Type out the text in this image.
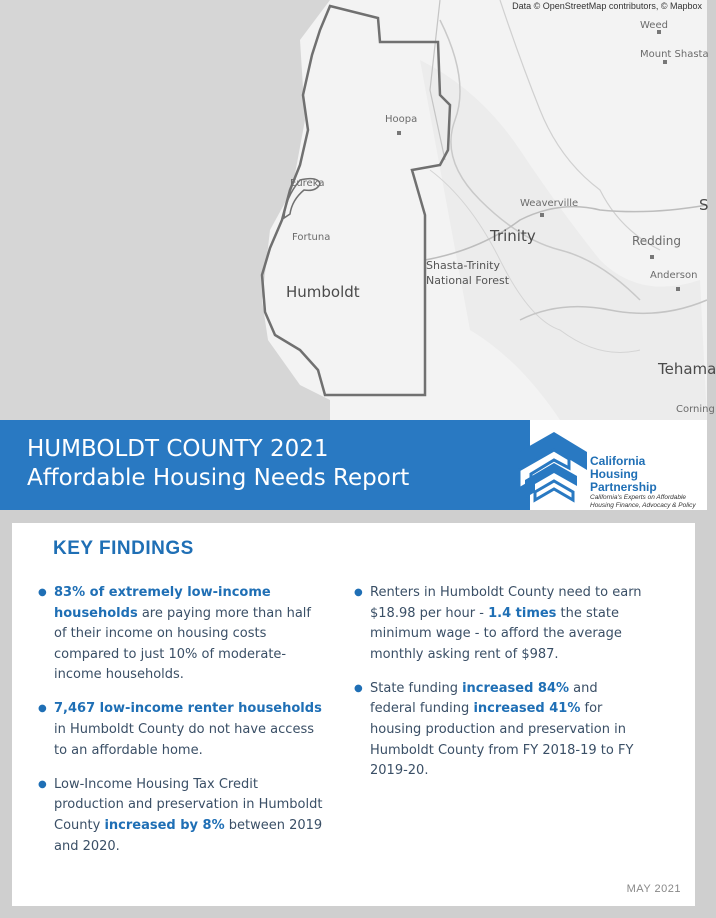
Data © OpenStreetMap contributors, © Mapbox
Weed
Mount Shasta
Hoopa
Eureka
Weaverville
Trinity	Redding
Fortuna
Shasta-Trinity
National Forest	Anderson
Humboldt
Tehama
Corning
S
HUMBOLDT COUNTY 2021
Affordable Housing Needs Report
California
Housing
Partnership
California's Experts on Affordable
Housing Finance, Advocacy & Policy
KEY FINDINGS
● 83% of extremely low-income households are paying more than half of their income on housing costs compared to just 10% of moderate-income households.
● 7,467 low-income renter households in Humboldt County do not have access to an affordable home.
● Low-Income Housing Tax Credit production and preservation in Humboldt County increased by 8% between 2019 and 2020.
● Renters in Humboldt County need to earn $18.98 per hour - 1.4 times the state minimum wage - to afford the average monthly asking rent of $987.
● State funding increased 84% and federal funding increased 41% for housing production and preservation in Humboldt County from FY 2018-19 to FY 2019-20.
MAY 2021
